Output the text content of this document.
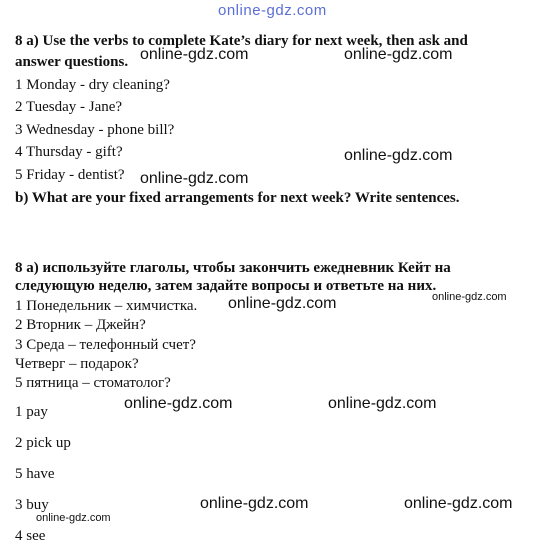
online-gdz.com
8 a) Use the verbs to complete Kate’s diary for next week, then ask and
answer questions.
1 Monday - dry cleaning?
2 Tuesday - Jane?
3 Wednesday - phone bill?
4 Thursday - gift?
5 Friday - dentist?
b) What are your fixed arrangements for next week? Write sentences.
8 а) используйте глаголы, чтобы закончить ежедневник Кейт на
следующую неделю, затем задайте вопросы и ответьте на них.
1 Понедельник – химчистка.
2 Вторник – Джейн?
3 Среда – телефонный счет?
Четверг – подарок?
5 пятница – стоматолог?
1 pay
2 pick up
5 have
3 buy
4 see
online-gdz.com	online-gdz.com
online-gdz.com
online-gdz.com
online-gdz.com
online-gdz.com
online-gdz.com	online-gdz.com
online-gdz.com	online-gdz.com
online-gdz.com
